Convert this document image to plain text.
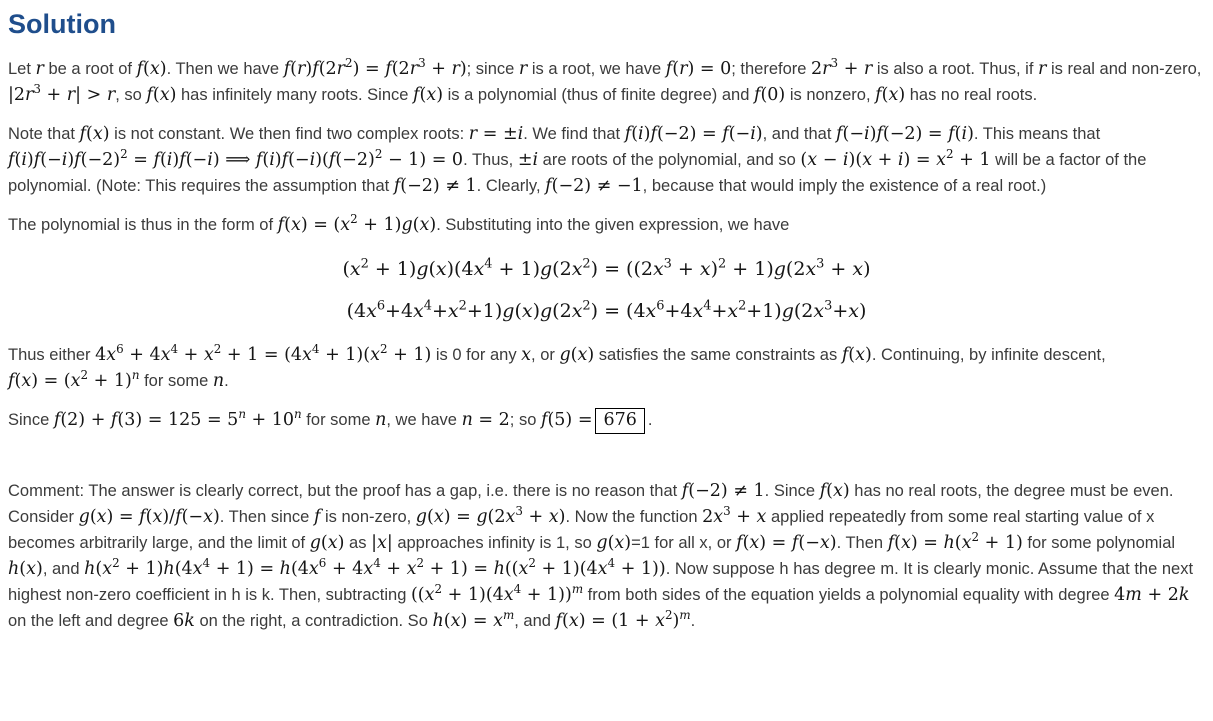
Solution

Let r be a root of f(x). Then we have $f(r)f(2r^2) = f(2r^3 + r)$; since r is a root, we have f(r) = 0; therefore $2r^3 + r$ is also a root. Thus, if r is real and non-zero, $|2r^3 + r| > r$, so f(x) has infinitely many roots. Since f(x) is a polynomial (thus of finite degree) and f(0) is nonzero, f(x) has no real roots.

Note that f(x) is not constant. We then find two complex roots: r = ±i. We find that f(i)f(−2) = f(−i), and that f(−i)f(−2) = f(i). This means that $f(i)f(-i)f(-2)^2 = f(i)f(-i)$ ⟹ $f(i)f(-i)(f(-2)^2 - 1) = 0$. Thus, ±i are roots of the polynomial, and so $(x - i)(x + i) = x^2 + 1$ will be a factor of the polynomial. (Note: This requires the assumption that f(−2) ≠ 1. Clearly, f(−2) ≠ −1, because that would imply the existence of a real root.)

The polynomial is thus in the form of $f(x) = (x^2 + 1)g(x)$. Substituting into the given expression, we have

$(x^2 + 1)g(x)(4x^4 + 1)g(2x^2) = ((2x^3 + x)^2 + 1)g(2x^3 + x)$
$(4x^6+4x^4+x^2+1)g(x)g(2x^2) = (4x^6+4x^4+x^2+1)g(2x^3+x)$

Thus either $4x^6 + 4x^4 + x^2 + 1 = (4x^4 + 1)(x^2 + 1)$ is 0 for any x, or g(x) satisfies the same constraints as f(x). Continuing, by infinite descent, $f(x) = (x^2 + 1)^n$ for some n.

Since $f(2) + f(3) = 125 = 5^n + 10^n$ for some n, we have n = 2; so f(5) = 676 .

Comment: The answer is clearly correct, but the proof has a gap, i.e. there is no reason that f(−2) ≠ 1. Since f(x) has no real roots, the degree must be even. Consider g(x) = f(x)/f(−x). Then since f is non-zero, $g(x) = g(2x^3 + x)$. Now the function $2x^3 + x$ applied repeatedly from some real starting value of x becomes arbitrarily large, and the limit of g(x) as |x| approaches infinity is 1, so g(x)=1 for all x, or f(x) = f(−x). Then $f(x) = h(x^2 + 1)$ for some polynomial h(x), and $h(x^2 + 1)h(4x^4 + 1) = h(4x^6 + 4x^4 + x^2 + 1) = h((x^2 + 1)(4x^4 + 1))$. Now suppose h has degree m. It is clearly monic. Assume that the next highest non-zero coefficient in h is k. Then, subtracting $((x^2 + 1)(4x^4 + 1))^m$ from both sides of the equation yields a polynomial equality with degree 4m + 2k on the left and degree 6k on the right, a contradiction. So $h(x) = x^m$, and $f(x) = (1 + x^2)^m$.
